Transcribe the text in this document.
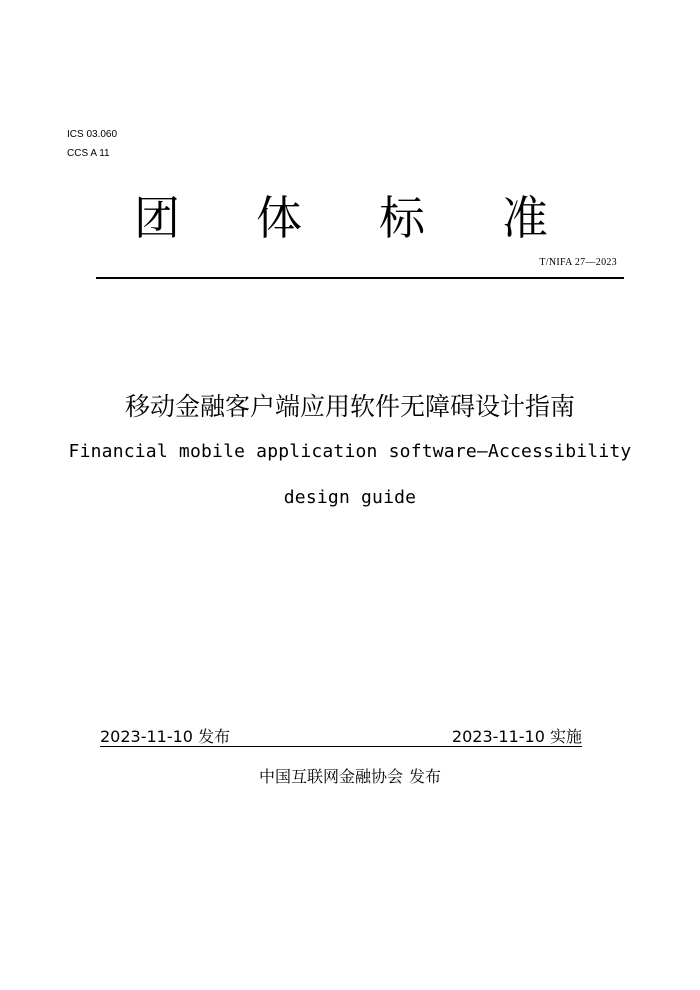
ICS 03.060
CCS A 11
团 体 标 准
T/NIFA 27—2023
移动金融客户端应用软件无障碍设计指南
Financial mobile application software—Accessibility
design guide
2023-11-10 发布	2023-11-10 实施
中国互联网金融协会 发布
